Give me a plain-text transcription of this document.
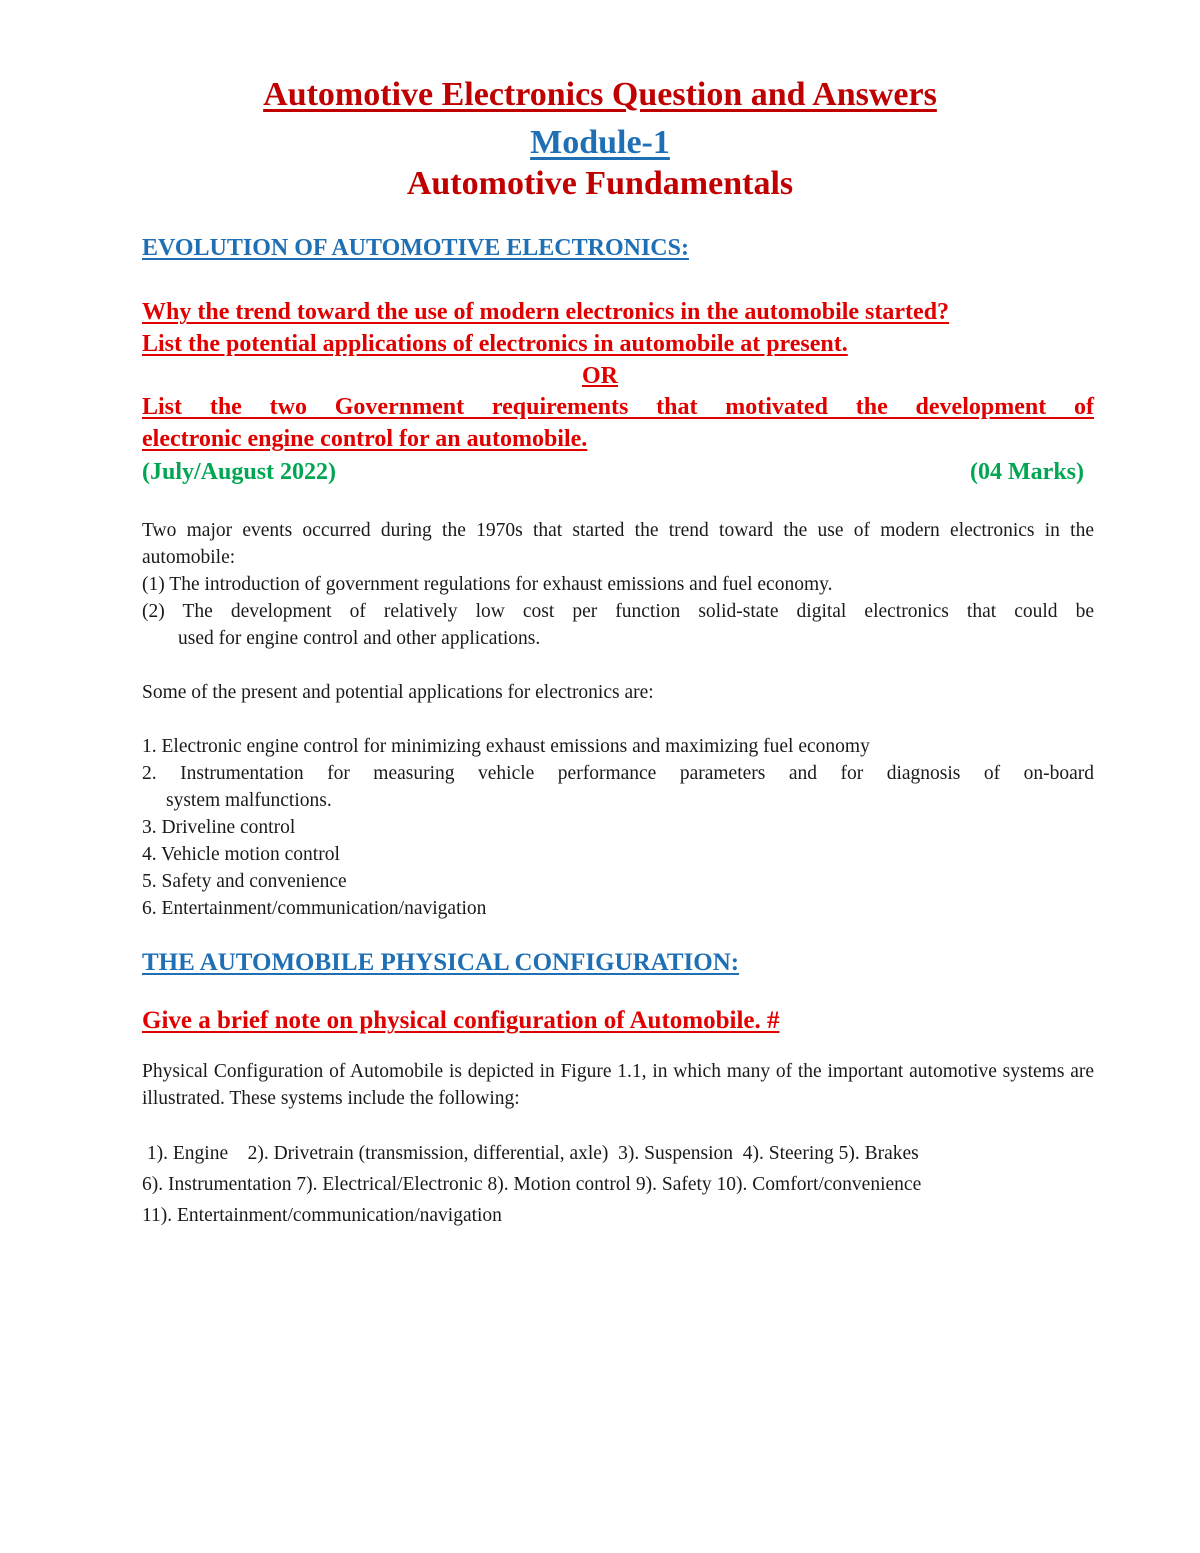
Automotive Electronics Question and Answers
Module-1
Automotive Fundamentals
EVOLUTION OF AUTOMOTIVE ELECTRONICS:
Why the trend toward the use of modern electronics in the automobile started?
List the potential applications of electronics in automobile at present.
OR
List the two Government requirements that motivated the development of
electronic engine control for an automobile.
(July/August 2022)	(04 Marks)
Two major events occurred during the 1970s that started the trend toward the use of modern electronics in the automobile:
(1) The introduction of government regulations for exhaust emissions and fuel economy.
(2) The development of relatively low cost per function solid-state digital electronics that could be
used for engine control and other applications.
Some of the present and potential applications for electronics are:
1. Electronic engine control for minimizing exhaust emissions and maximizing fuel economy
2. Instrumentation for measuring vehicle performance parameters and for diagnosis of on-board
system malfunctions.
3. Driveline control
4. Vehicle motion control
5. Safety and convenience
6. Entertainment/communication/navigation
THE AUTOMOBILE PHYSICAL CONFIGURATION:
Give a brief note on physical configuration of Automobile. #
Physical Configuration of Automobile is depicted in Figure 1.1, in which many of the important automotive systems are illustrated. These systems include the following:
1). Engine    2). Drivetrain (transmission, differential, axle)  3). Suspension  4). Steering 5). Brakes
6). Instrumentation 7). Electrical/Electronic 8). Motion control 9). Safety 10). Comfort/convenience
11). Entertainment/communication/navigation
